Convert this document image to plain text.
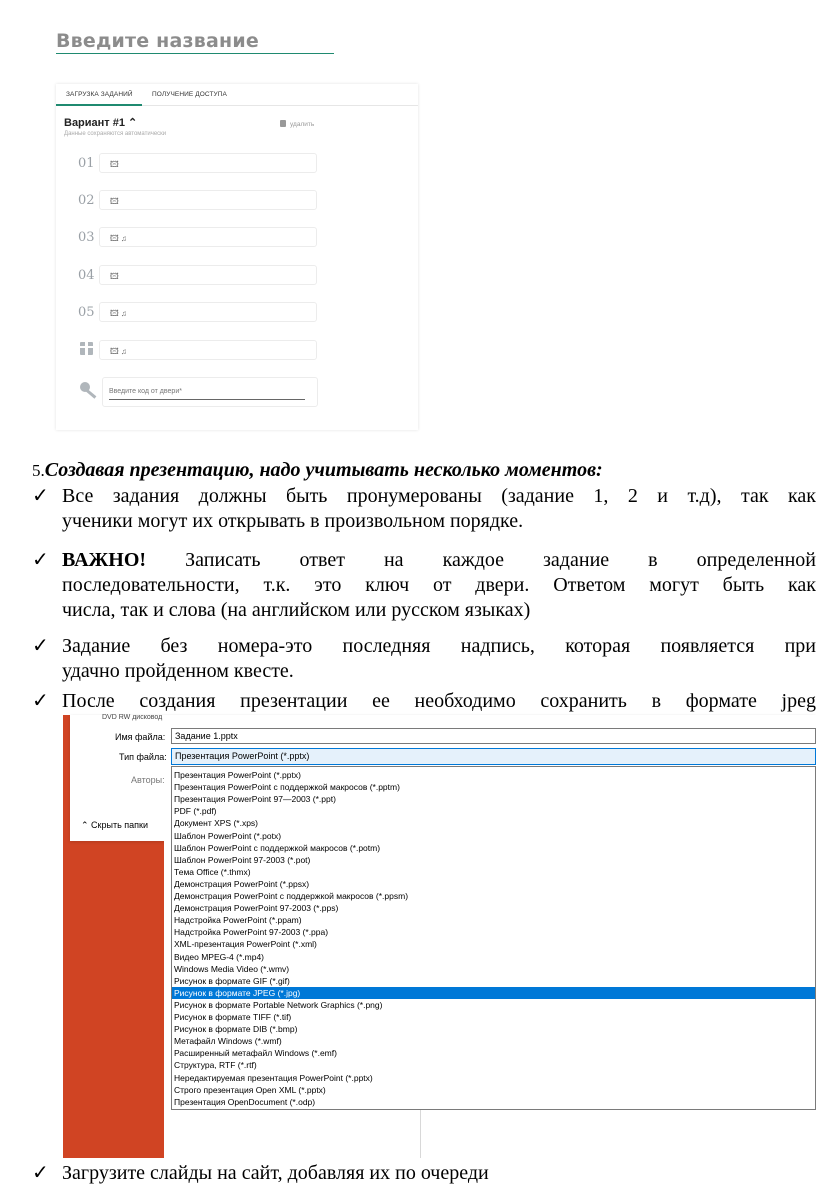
Введите название
ЗАГРУЗКА ЗАДАНИЙ	ПОЛУЧЕНИЕ ДОСТУПА
Вариант #1 ⌃
Данные сохраняются автоматически
удалить
01 🖾
02 🖾
03 🖾 ♫
04 🖾
05 🖾 ♫
🖾 ♫
Введите код от двери*
5.Создавая презентацию, надо учитывать несколько моментов:
✓ Все задания должны быть пронумерованы (задание 1, 2 и т.д), так как
ученики могут их открывать в произвольном порядке.
✓ ВАЖНО! Записать ответ на каждое задание в определенной
последовательности, т.к. это ключ от двери. Ответом могут быть как
числа, так и слова (на английском или русском языках)
✓ Задание без номера-это последняя надпись, которая появляется при
удачно пройденном квесте.
✓ После создания презентации ее необходимо сохранить в формате jpeg
DVD RW дисковод
Имя файла:	Задание 1.pptx
Тип файла: Презентация PowerPoint (*.pptx)
Авторы:
⌃ Скрыть папки
Презентация PowerPoint (*.pptx)
Презентация PowerPoint с поддержкой макросов (*.pptm)
Презентация PowerPoint 97—2003 (*.ppt)
PDF (*.pdf)
Документ XPS (*.xps)
Шаблон PowerPoint (*.potx)
Шаблон PowerPoint с поддержкой макросов (*.potm)
Шаблон PowerPoint 97-2003 (*.pot)
Тема Office (*.thmx)
Демонстрация PowerPoint (*.ppsx)
Демонстрация PowerPoint с поддержкой макросов (*.ppsm)
Демонстрация PowerPoint 97-2003 (*.pps)
Надстройка PowerPoint (*.ppam)
Надстройка PowerPoint 97-2003 (*.ppa)
XML-презентация PowerPoint (*.xml)
Видео MPEG-4 (*.mp4)
Windows Media Video (*.wmv)
Рисунок в формате GIF (*.gif)
Рисунок в формате JPEG (*.jpg)
Рисунок в формате Portable Network Graphics (*.png)
Рисунок в формате TIFF (*.tif)
Рисунок в формате DIB (*.bmp)
Метафайл Windows (*.wmf)
Расширенный метафайл Windows (*.emf)
Структура, RTF (*.rtf)
Нередактируемая презентация PowerPoint (*.pptx)
Строго презентация Open XML (*.pptx)
Презентация OpenDocument (*.odp)
✓ Загрузите слайды на сайт, добавляя их по очереди
